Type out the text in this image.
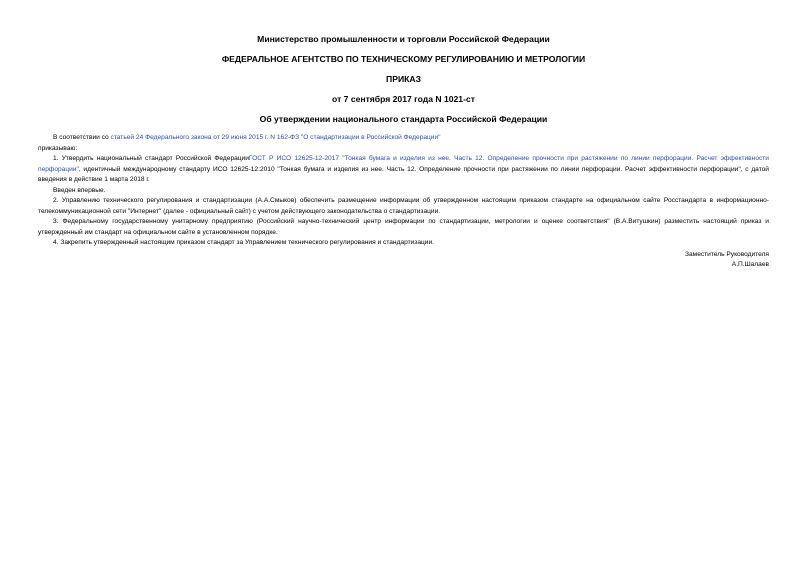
Министерство промышленности и торговли Российской Федерации

ФЕДЕРАЛЬНОЕ АГЕНТСТВО ПО ТЕХНИЧЕСКОМУ РЕГУЛИРОВАНИЮ И МЕТРОЛОГИИ

ПРИКАЗ

от 7 сентября 2017 года N 1021-ст

Об утверждении национального стандарта Российской Федерации

В соответствии со статьей 24 Федерального закона от 29 июня 2015 г. N 162-ФЗ "О стандартизации в Российской Федерации"

приказываю:

1. Утвердить национальный стандарт Российской ФедерацииГОСТ Р ИСО 12625-12-2017 "Тонкая бумага и изделия из нее. Часть 12. Определение прочности при растяжении по линии перфорации. Расчет эффективности перфорации", идентичный международному стандарту ИСО 12625-12:2010 "Тонкая бумага и изделия из нее. Часть 12. Определение прочности при растяжении по линии перфорации. Расчет эффективности перфорации", с датой введения в действие 1 марта 2018 г.

Введен впервые.

2. Управлению технического регулирования и стандартизации (А.А.Смыков) обеспечить размещение информации об утвержденном настоящим приказом стандарте на официальном сайте Росстандарта в информационно-телекоммуникационной сети "Интернет" (далее - официальный сайт) с учетом действующего законодательства о стандартизации.

3. Федеральному государственному унитарному предприятию (Российский научно-технический центр информации по стандартизации, метрологии и оценке соответствия" (В.А.Витушкин) разместить настоящий приказ и утвержденный им стандарт на официальном сайте в установленном порядке.

4. Закрепить утвержденный настоящим приказом стандарт за Управлением технического регулирования и стандартизации.

Заместитель Руководителя
А.П.Шалаев
